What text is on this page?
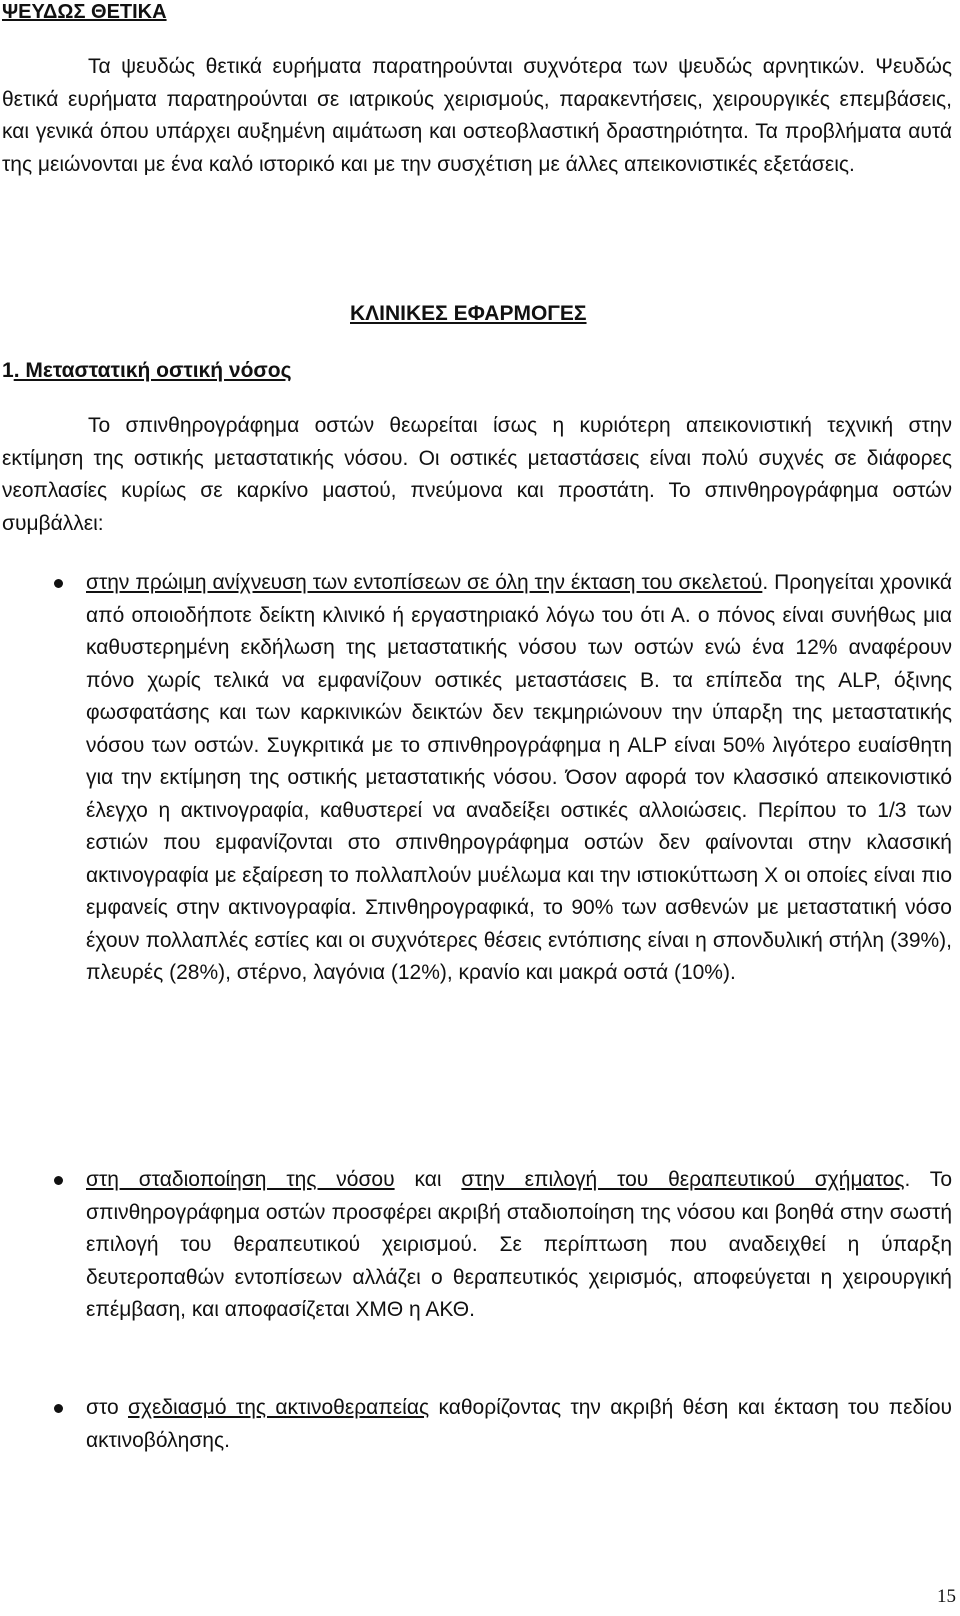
ΨΕΥΔΩΣ ΘΕΤΙΚΑ

Τα ψευδώς θετικά ευρήματα παρατηρούνται συχνότερα των ψευδώς αρνητικών. Ψευδώς θετικά ευρήματα παρατηρούνται σε ιατρικούς χειρισμούς, παρακεντήσεις, χειρουργικές επεμβάσεις, και γενικά όπου υπάρχει αυξημένη αιμάτωση και οστεοβλαστική δραστηριότητα. Τα προβλήματα αυτά της μειώνονται με ένα καλό ιστορικό και με την συσχέτιση με άλλες απεικονιστικές εξετάσεις.

ΚΛΙΝΙΚΕΣ ΕΦΑΡΜΟΓΕΣ
1. Μεταστατική οστική νόσος

Το σπινθηρογράφημα οστών θεωρείται ίσως η κυριότερη απεικονιστική τεχνική στην εκτίμηση της οστικής μεταστατικής νόσου. Οι οστικές μεταστάσεις είναι πολύ συχνές σε διάφορες νεοπλασίες κυρίως σε καρκίνο μαστού, πνεύμονα και προστάτη. Το σπινθηρογράφημα οστών συμβάλλει:

στην πρώιμη ανίχνευση των εντοπίσεων σε όλη την έκταση του σκελετού. Προηγείται χρονικά από οποιοδήποτε δείκτη κλινικό ή εργαστηριακό λόγω του ότι Α. ο πόνος είναι συνήθως μια καθυστερημένη εκδήλωση της μεταστατικής νόσου των οστών ενώ ένα 12% αναφέρουν πόνο χωρίς τελικά να εμφανίζουν οστικές μεταστάσεις Β. τα επίπεδα της ALP, όξινης φωσφατάσης και των καρκινικών δεικτών δεν τεκμηριώνουν την ύπαρξη της μεταστατικής νόσου των οστών. Συγκριτικά με το σπινθηρογράφημα η ALP είναι 50% λιγότερο ευαίσθητη για την εκτίμηση της οστικής μεταστατικής νόσου. Όσον αφορά τον κλασσικό απεικονιστικό έλεγχο η ακτινογραφία, καθυστερεί να αναδείξει οστικές αλλοιώσεις. Περίπου το 1/3 των εστιών που εμφανίζονται στο σπινθηρογράφημα οστών δεν φαίνονται στην κλασσική ακτινογραφία με εξαίρεση το πολλαπλούν μυέλωμα και την ιστιοκύττωση Χ οι οποίες είναι πιο εμφανείς στην ακτινογραφία. Σπινθηρογραφικά, το 90% των ασθενών με μεταστατική νόσο έχουν πολλαπλές εστίες και οι συχνότερες θέσεις εντόπισης είναι η σπονδυλική στήλη (39%), πλευρές (28%), στέρνο, λαγόνια (12%), κρανίο και μακρά οστά (10%).
στη σταδιοποίηση της νόσου και στην επιλογή του θεραπευτικού σχήματος. Το σπινθηρογράφημα οστών προσφέρει ακριβή σταδιοποίηση της νόσου και βοηθά στην σωστή επιλογή του θεραπευτικού χειρισμού. Σε περίπτωση που αναδειχθεί η ύπαρξη δευτεροπαθών εντοπίσεων αλλάζει ο θεραπευτικός χειρισμός, αποφεύγεται η χειρουργική επέμβαση, και αποφασίζεται ΧΜΘ η ΑΚΘ.
στο σχεδιασμό της ακτινοθεραπείας καθορίζοντας την ακριβή θέση και έκταση του πεδίου ακτινοβόλησης.
15
